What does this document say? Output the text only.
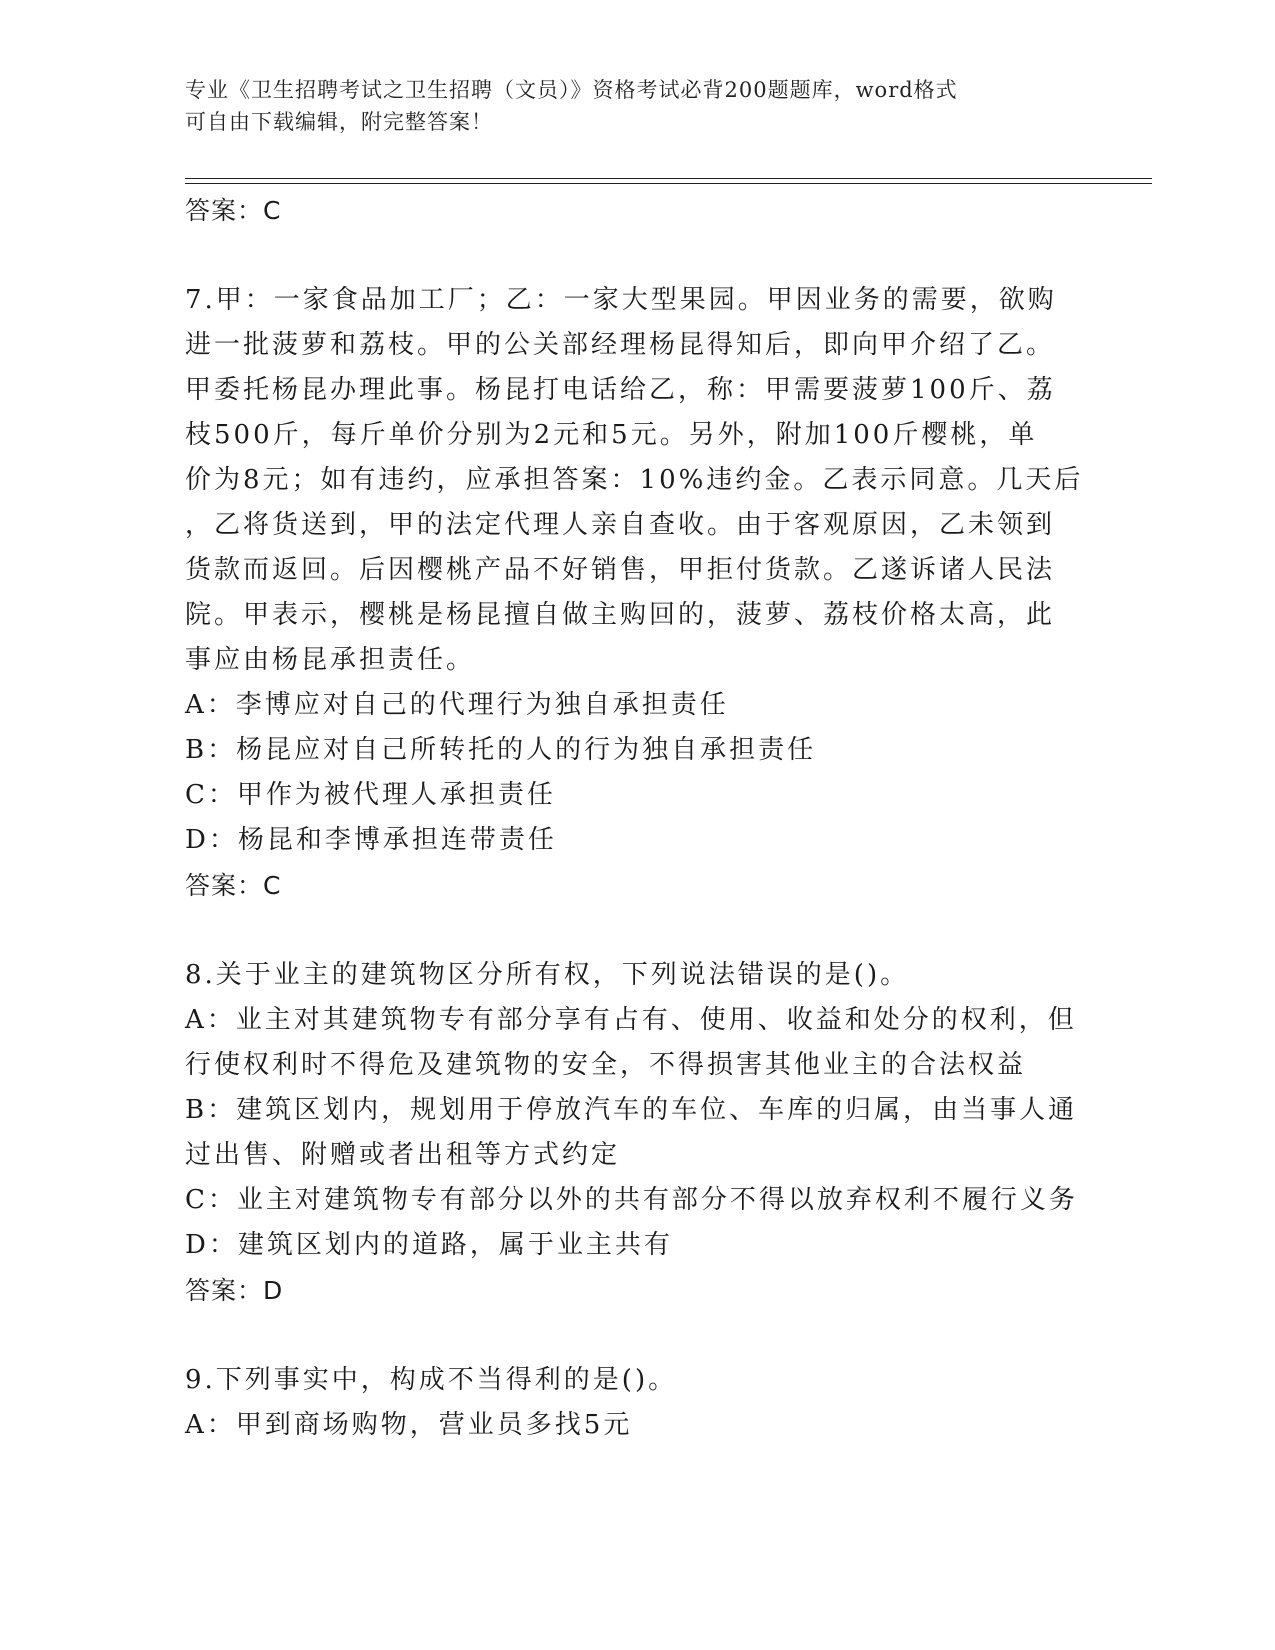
专业《卫生招聘考试之卫生招聘（文员）》资格考试必背200题题库，word格式
可自由下载编辑，附完整答案！
答案：C
7.甲：一家食品加工厂；乙：一家大型果园。甲因业务的需要，欲购
进一批菠萝和荔枝。甲的公关部经理杨昆得知后，即向甲介绍了乙。
甲委托杨昆办理此事。杨昆打电话给乙，称：甲需要菠萝100斤、荔
枝500斤，每斤单价分别为2元和5元。另外，附加100斤樱桃，单
价为8元；如有违约，应承担答案：10%违约金。乙表示同意。几天后
，乙将货送到，甲的法定代理人亲自查收。由于客观原因，乙未领到
货款而返回。后因樱桃产品不好销售，甲拒付货款。乙遂诉诸人民法
院。甲表示，樱桃是杨昆擅自做主购回的，菠萝、荔枝价格太高，此
事应由杨昆承担责任。
A：李博应对自己的代理行为独自承担责任
B：杨昆应对自己所转托的人的行为独自承担责任
C：甲作为被代理人承担责任
D：杨昆和李博承担连带责任
答案：C
8.关于业主的建筑物区分所有权，下列说法错误的是()。
A：业主对其建筑物专有部分享有占有、使用、收益和处分的权利，但
行使权利时不得危及建筑物的安全，不得损害其他业主的合法权益
B：建筑区划内，规划用于停放汽车的车位、车库的归属，由当事人通
过出售、附赠或者出租等方式约定
C：业主对建筑物专有部分以外的共有部分不得以放弃权利不履行义务
D：建筑区划内的道路，属于业主共有
答案：D
9.下列事实中，构成不当得利的是()。
A：甲到商场购物，营业员多找5元
